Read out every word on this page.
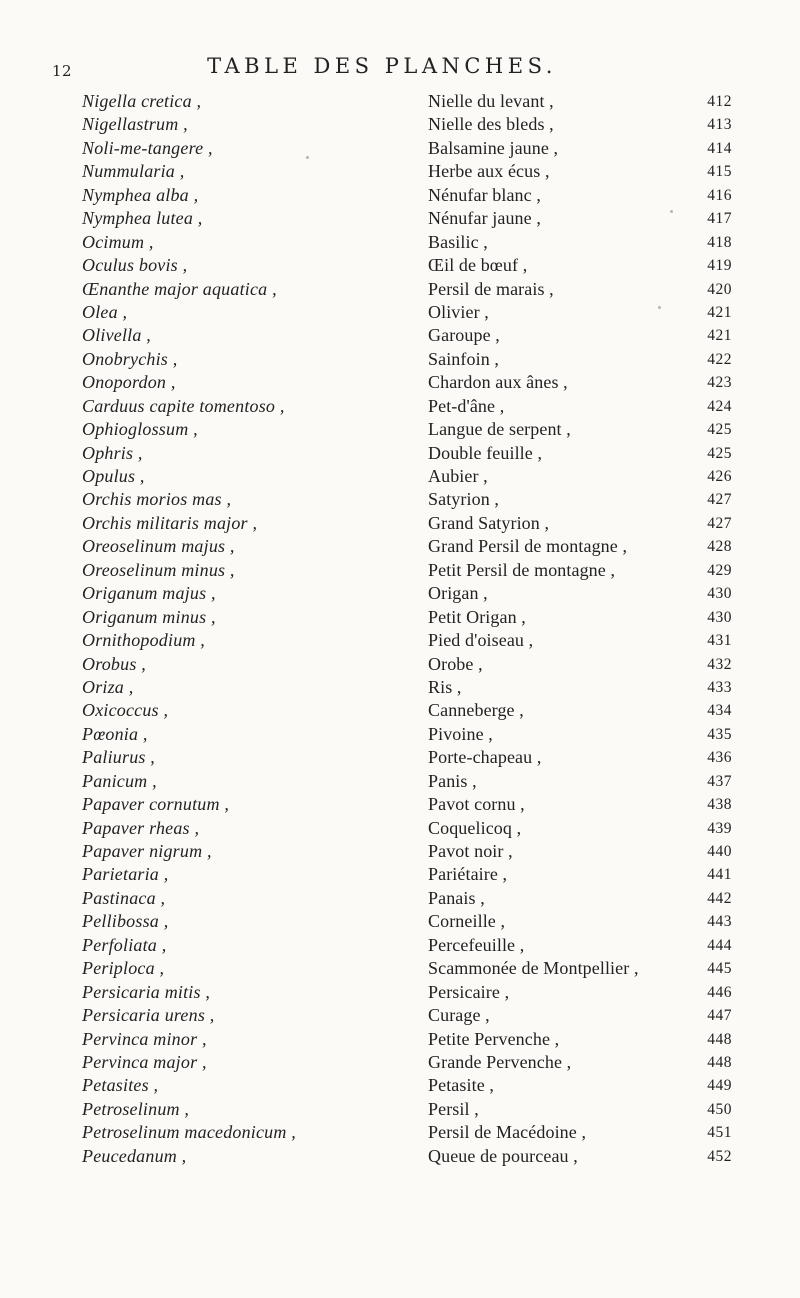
12	TABLE DES PLANCHES.
Nigella cretica ,	Nielle du levant ,	412
Nigellastrum ,	Nielle des bleds ,	413
Noli-me-tangere ,	Balsamine jaune ,	414
Nummularia ,	Herbe aux écus ,	415
Nymphea alba ,	Nénufar blanc ,	416
Nymphea lutea ,	Nénufar jaune ,	417
Ocimum ,	Basilic ,	418
Oculus bovis ,	Œil de bœuf ,	419
Œnanthe major aquatica ,	Persil de marais ,	420
Olea ,	Olivier ,	421
Olivella ,	Garoupe ,	421
Onobrychis ,	Sainfoin ,	422
Onopordon ,	Chardon aux ânes ,	423
Carduus capite tomentoso ,	Pet-d'âne ,	424
Ophioglossum ,	Langue de serpent ,	425
Ophris ,	Double feuille ,	425
Opulus ,	Aubier ,	426
Orchis morios mas ,	Satyrion ,	427
Orchis militaris major ,	Grand Satyrion ,	427
Oreoselinum majus ,	Grand Persil de montagne ,	428
Oreoselinum minus ,	Petit Persil de montagne ,	429
Origanum majus ,	Origan ,	430
Origanum minus ,	Petit Origan ,	430
Ornithopodium ,	Pied d'oiseau ,	431
Orobus ,	Orobe ,	432
Oriza ,	Ris ,	433
Oxicoccus ,	Canneberge ,	434
Pœonia ,	Pivoine ,	435
Paliurus ,	Porte-chapeau ,	436
Panicum ,	Panis ,	437
Papaver cornutum ,	Pavot cornu ,	438
Papaver rheas ,	Coquelicoq ,	439
Papaver nigrum ,	Pavot noir ,	440
Parietaria ,	Pariétaire ,	441
Pastinaca ,	Panais ,	442
Pellibossa ,	Corneille ,	443
Perfoliata ,	Percefeuille ,	444
Periploca ,	Scammonée de Montpellier ,	445
Persicaria mitis ,	Persicaire ,	446
Persicaria urens ,	Curage ,	447
Pervinca minor ,	Petite Pervenche ,	448
Pervinca major ,	Grande Pervenche ,	448
Petasites ,	Petasite ,	449
Petroselinum ,	Persil ,	450
Petroselinum macedonicum ,	Persil de Macédoine ,	451
Peucedanum ,	Queue de pourceau ,	452
